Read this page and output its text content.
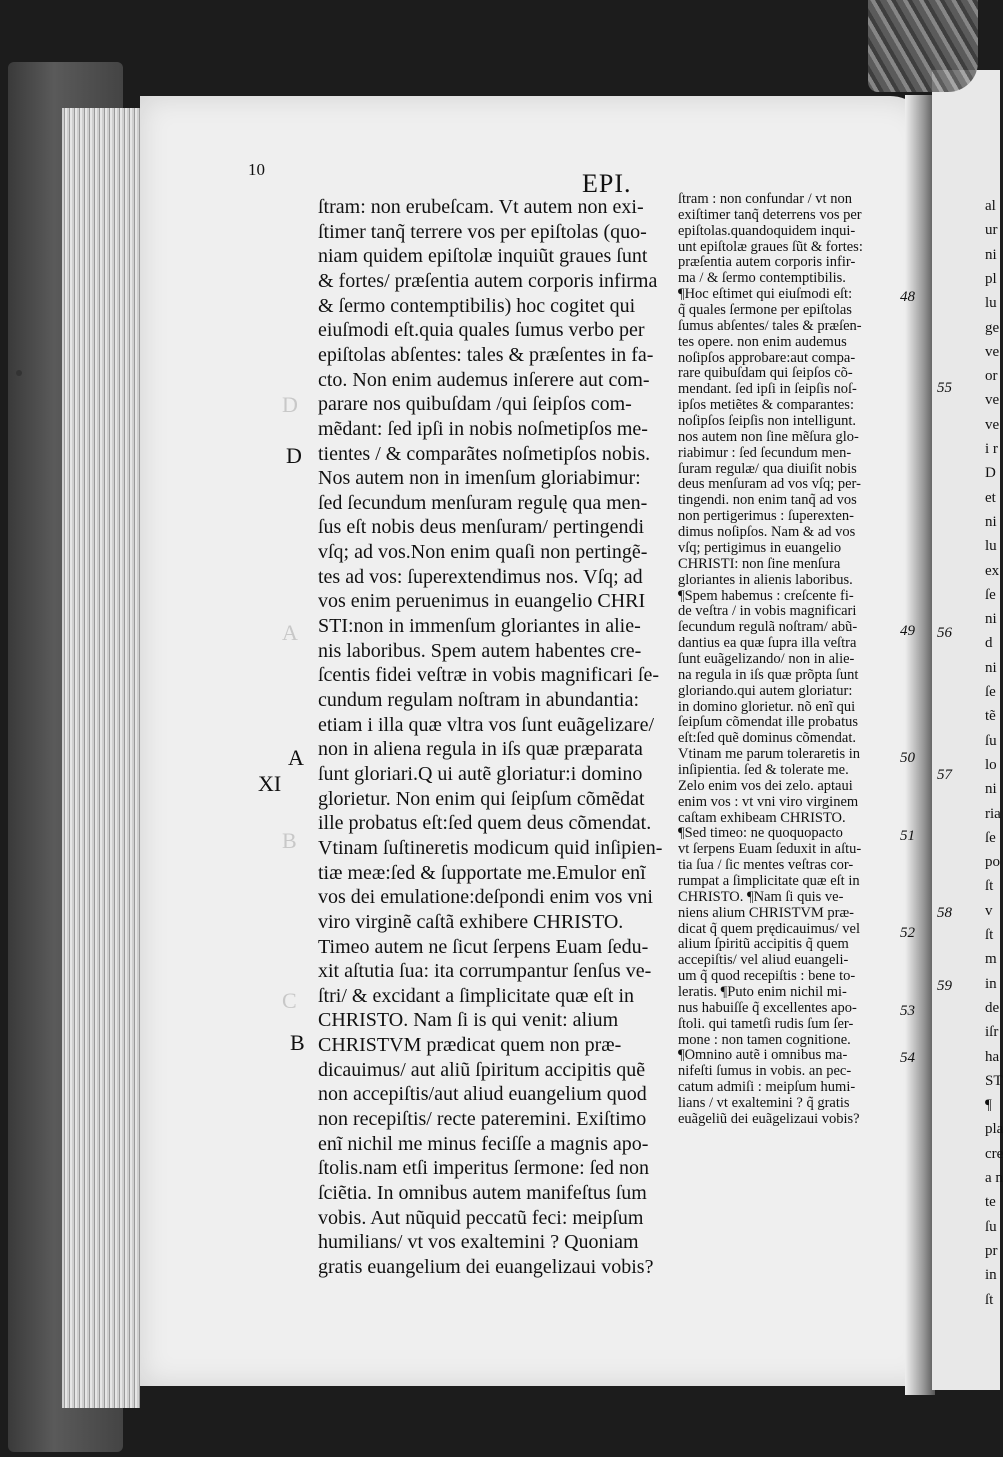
D
A
B
C
10	EPI.
D
A
XI
B
ſtram: non erubeſcam. Vt autem non exi-
ſtimer tanq̃ terrere vos per epiſtolas (quo-
niam quidem epiſtolæ inquiũt graues ſunt
& fortes/ præſentia autem corporis infirma
& ſermo contemptibilis) hoc cogitet qui
eiuſmodi eſt.quia quales ſumus verbo per
epiſtolas abſentes: tales & præſentes in fa-
cto. Non enim audemus inſerere aut com-
parare nos quibuſdam /qui ſeipſos com-
mẽdant: ſed ipſi in nobis noſmetipſos me-
tientes / & comparãtes noſmetipſos nobis.
Nos autem non in imenſum gloriabimur:
ſed ſecundum menſuram regulę qua men-
ſus eſt nobis deus menſuram/ pertingendi
vſq; ad vos.Non enim quaſi non pertingẽ-
tes ad vos: ſuperextendimus nos. Vſq; ad
vos enim peruenimus in euangelio CHRI
STI:non in immenſum gloriantes in alie-
nis laboribus. Spem autem habentes cre-
ſcentis fidei veſtræ in vobis magnificari ſe-
cundum regulam noſtram in abundantia:
etiam i illa quæ vltra vos ſunt euãgelizare/
non in aliena regula in iſs quæ præparata
ſunt gloriari.Q ui autẽ gloriatur:i domino
glorietur. Non enim qui ſeipſum cõmẽdat
ille probatus eſt:ſed quem deus cõmendat.
Vtinam ſuſtineretis modicum quid inſipien-
tiæ meæ:ſed & ſupportate me.Emulor enĩ
vos dei emulatione:deſpondi enim vos vni
viro virginẽ caſtã exhibere CHRISTO.
Timeo autem ne ſicut ſerpens Euam ſedu-
xit aſtutia ſua: ita corrumpantur ſenſus ve-
ſtri/ & excidant a ſimplicitate quæ eſt in
CHRISTO. Nam ſi is qui venit: alium
CHRISTVM prædicat quem non præ-
dicauimus/ aut aliũ ſpiritum accipitis quẽ
non accepiſtis/aut aliud euangelium quod
non recepiſtis/ recte pateremini. Exiſtimo
enĩ nichil me minus feciſſe a magnis apo-
ſtolis.nam etſi imperitus ſermone: ſed non
ſciẽtia. In omnibus autem manifeſtus ſum
vobis. Aut nũquid peccatũ feci: meipſum
humilians/ vt vos exaltemini ? Quoniam
gratis euangelium dei euangelizaui vobis?
ſtram : non confundar / vt non
exiſtimer tanq̃ deterrens vos per
epiſtolas.quandoquidem inqui-
unt epiſtolæ graues ſũt & fortes:
præſentia autem corporis infir-
ma / & ſermo contemptibilis.
¶Hoc eſtimet qui eiuſmodi eſt:
q̃ quales ſermone per epiſtolas
ſumus abſentes/ tales & præſen-
tes opere. non enim audemus
noſipſos approbare:aut compa-
rare quibuſdam qui ſeipſos cõ-
mendant. ſed ipſi in ſeipſis noſ-
ipſos metiẽtes & comparantes:
noſipſos ſeipſis non intelligunt.
nos autem non ſine mẽſura glo-
riabimur : ſed ſecundum men-
ſuram regulæ/ qua diuiſit nobis
deus menſuram ad vos vſq; per-
tingendi. non enim tanq̃ ad vos
non pertigerimus : ſuperexten-
dimus noſipſos. Nam & ad vos
vſq; pertigimus in euangelio
CHRISTI: non ſine menſura
gloriantes in alienis laboribus.
¶Spem habemus : creſcente fi-
de veſtra / in vobis magnificari
ſecundum regulã noſtram/ abũ-
dantius ea quæ ſupra illa veſtra
ſunt euãgelizando/ non in alie-
na regula in iſs quæ prõpta ſunt
gloriando.qui autem gloriatur:
in domino glorietur. nõ enĩ qui
ſeipſum cõmendat ille probatus
eſt:ſed quẽ dominus cõmendat.
Vtinam me parum toleraretis in
inſipientia. ſed & tolerate me.
Zelo enim vos dei zelo. aptaui
enim vos : vt vni viro virginem
caſtam exhibeam CHRISTO.
¶Sed timeo: ne quoquopacto
vt ſerpens Euam ſeduxit in aſtu-
tia ſua / ſic mentes veſtras cor-
rumpat a ſimplicitate quæ eſt in
CHRISTO. ¶Nam ſi quis ve-
niens alium CHRISTVM præ-
dicat q̃ quem prędicauimus/ vel
alium ſpiritũ accipitis q̃ quem
accepiſtis/ vel aliud euangeli-
um q̃ quod recepiſtis : bene to-
leratis. ¶Puto enim nichil mi-
nus habuiſſe q̃ excellentes apo-
ſtoli. qui tametſi rudis ſum ſer-
mone : non tamen cognitione.
¶Omnino autẽ i omnibus ma-
nifeſti ſumus in vobis. an pec-
catum admiſi : meipſum humi-
lians / vt exaltemini ? q̃ gratis
euãgeliũ dei euãgelizaui vobis?
48
49
50
51
52
53
54
55
56
57
58
59
al
ur
ni
pl
lu
ge
ve
or
ve
ve
i r
D
et
ni
lu
ex
ſe
ni
d
ni
ſe
tẽ
ſu
lo
ni
ria
ſe
po
ſt
v
ſt
m
in
de
iſr
ha
ST
¶
pla
cre
a n
te
ſu
pr
in
ſt
